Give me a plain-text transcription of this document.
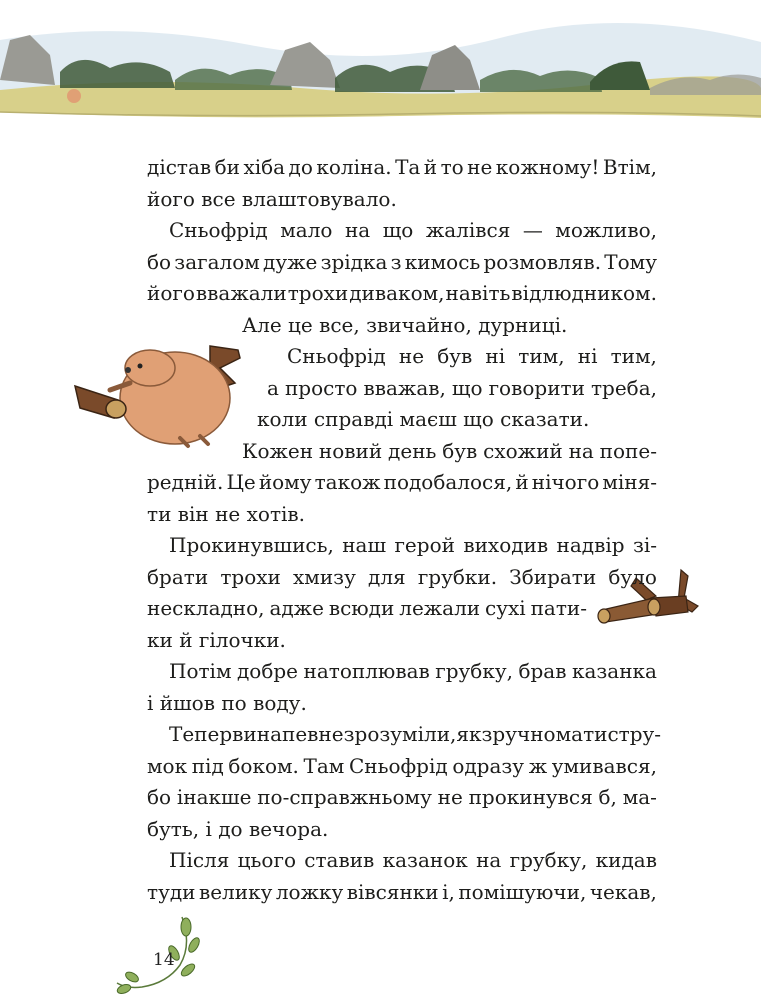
дістав би хіба до коліна. Та й то не кожному! Втім,
його все влаштовувало.
Сньофрід мало на що жалівся — можливо,
бо загалом дуже зрідка з кимось розмовляв. Тому
його вважали трохи диваком, навіть відлюдником.
Але це все, звичайно, дурниці.
Сньофрід не був ні тим, ні тим,
а просто вважав, що говорити треба,
коли справді маєш що сказати.
Кожен новий день був схожий на попе-
редній. Це йому також подобалося, й нічого міня-
ти він не хотів.
Прокинувшись, наш герой виходив надвір зі-
брати трохи хмизу для грубки. Збирати було
нескладно, адже всюди лежали сухі пати-
ки й гілочки.
Потім добре натоплював грубку, брав казанка
і йшов по воду.
Тепер ви напевне зрозуміли, як зручно мати стру-
мок під боком. Там Сньофрід одразу ж умивався,
бо інакше по-справжньому не прокинувся б, ма-
буть, і до вечора.
Після цього ставив казанок на грубку, кидав
туди велику ложку вівсянки і, помішуючи, чекав,
14
